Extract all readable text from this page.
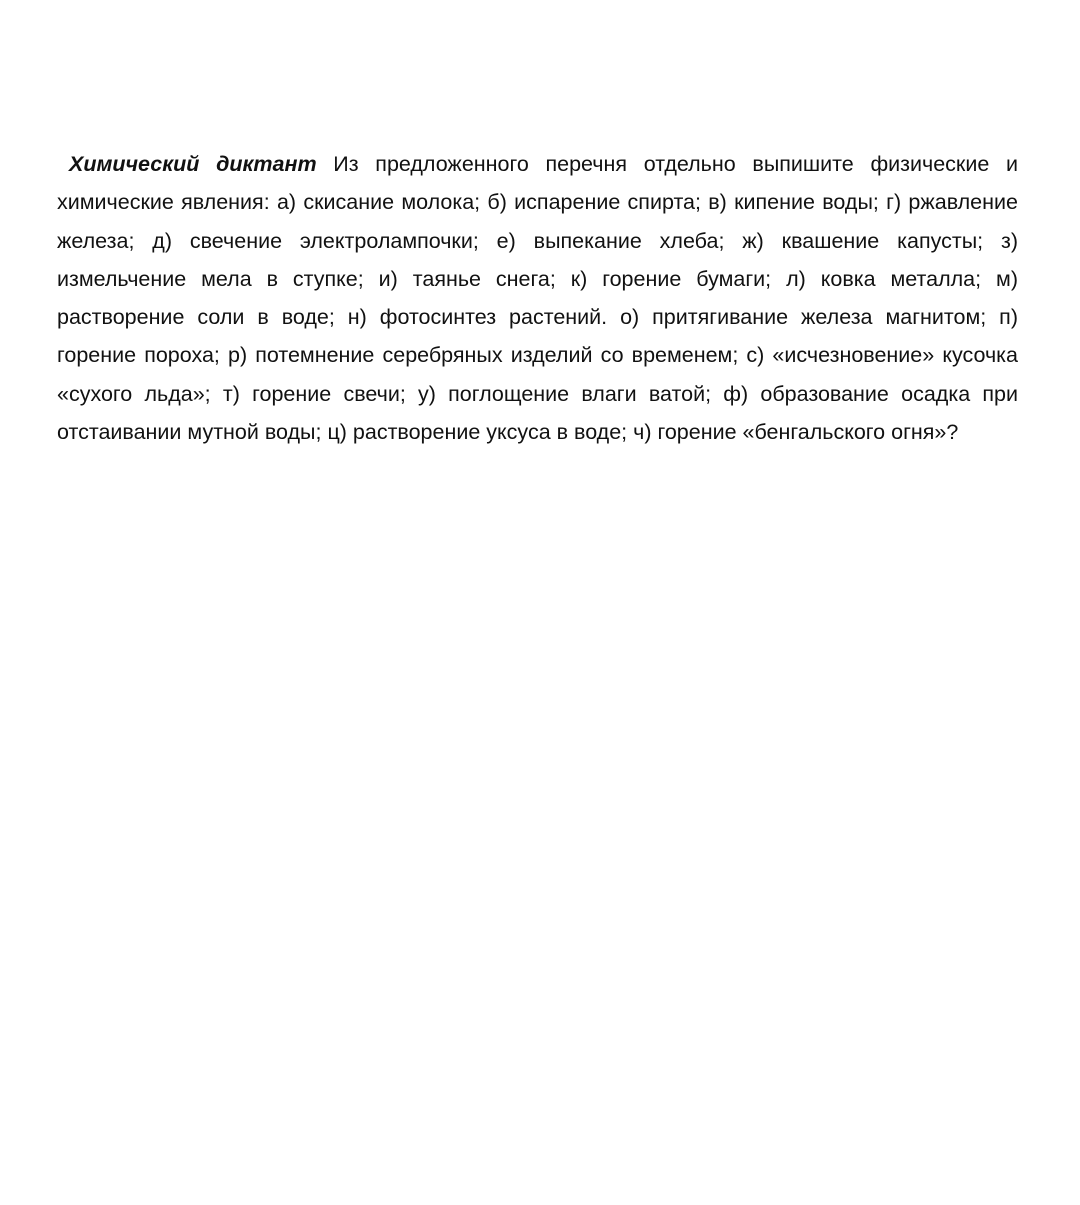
Химический диктант Из предложенного перечня отдельно выпишите физические и химические явления: а) скисание молока; б) испарение спирта; в) кипение воды; г) ржавление железа; д) свечение электролампочки; е) выпекание хлеба; ж) квашение капусты; з) измельчение мела в ступке; и) таянье снега; к) горение бумаги; л) ковка металла; м) растворение соли в воде; н) фотосинтез растений. о) притягивание железа магнитом; п) горение пороха; р) потемнение серебряных изделий со временем; с) «исчезновение» кусочка «сухого льда»; т) горение свечи; у) поглощение влаги ватой; ф) образование осадка при отстаивании мутной воды; ц) растворение уксуса в воде; ч) горение «бенгальского огня»?
